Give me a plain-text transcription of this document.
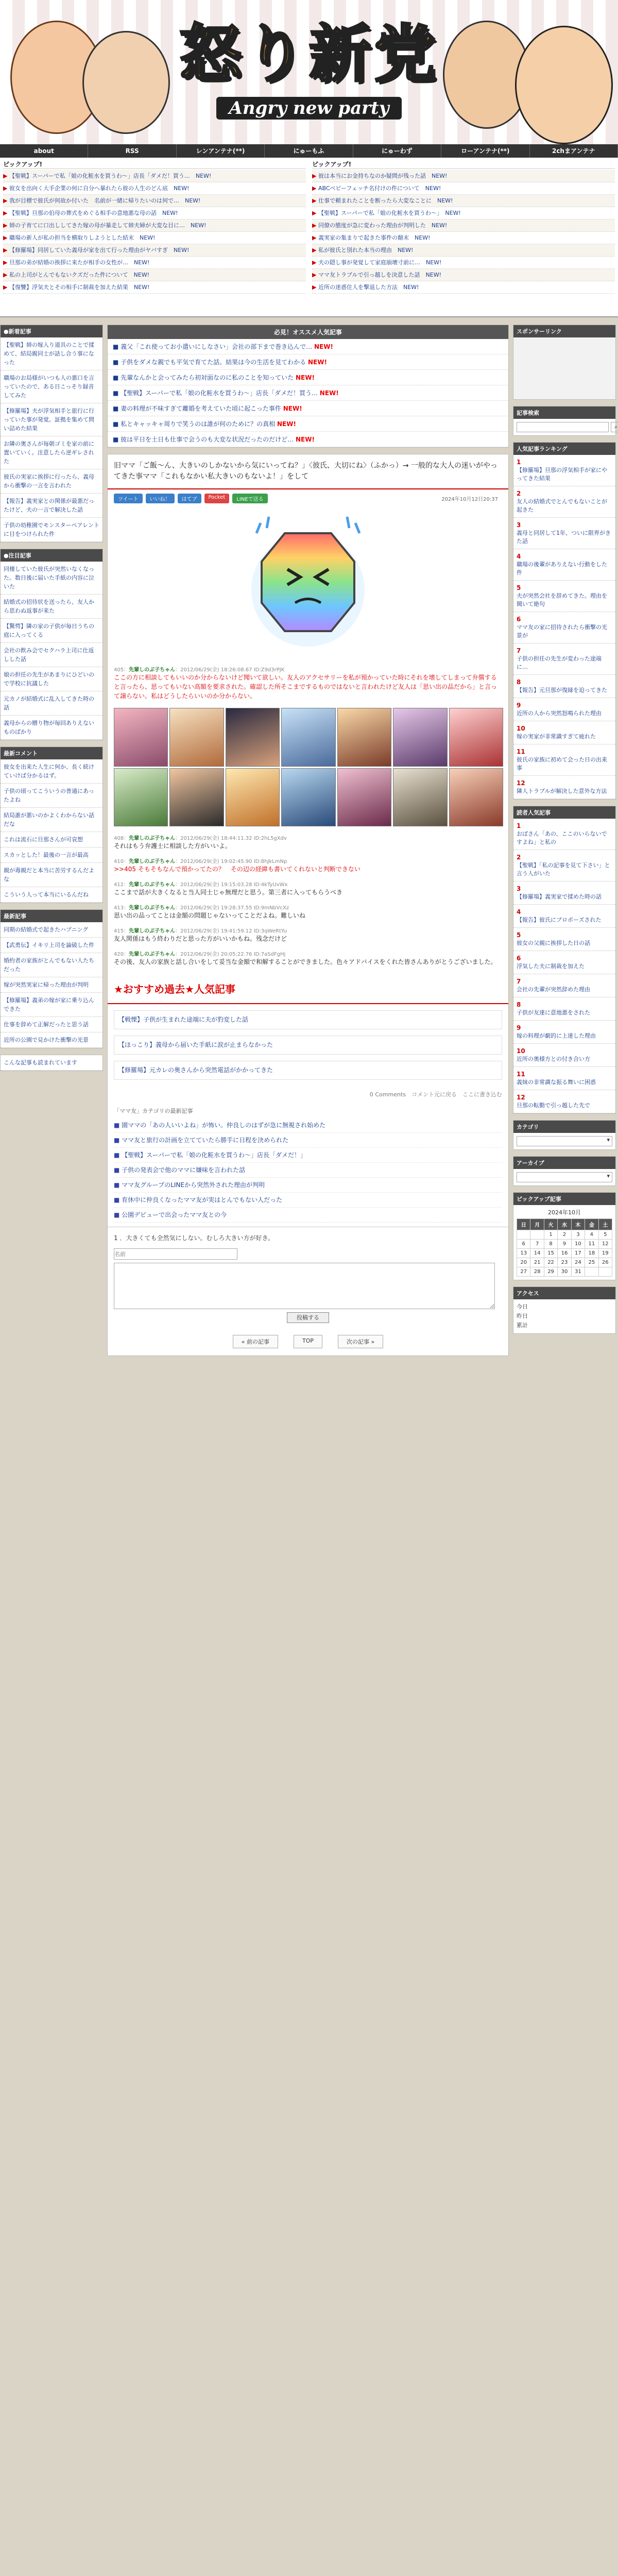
怒り新党
Angry new party
about	RSS	レンアンテナ(**)	にゅーもふ	にゅーわず	ローアンテナ(**)	2chまアンテナ
ピックアップ!
▶ 【聖戦】スーパーで私「娘の化粧水を買うわ〜」店長「ダメだ！買う…　NEW!
▶ 彼女を出向く大手企業の何に自分へ暴れたら彼の人生のどん底　NEW!
▶ 我が目標で彼氏が何故か付いた　名前が一緒に帰りたいのは何で…　NEW!
▶ 【聖戦】旦那の伯母の葬式をめぐる相手の意地悪な母の話　NEW!
▶ 姉の子育てに口出ししてきた嫁の母が暴走して姉夫婦が大変な目に…　NEW!
▶ 職場の新人が私の担当を横取りしようとした結末　NEW!
▶ 【修羅場】同居していた義母が家を出て行った理由がヤバすぎ　NEW!
▶ 旦那の弟が結婚の挨拶に来たが相手の女性が…　NEW!
▶ 私の上司がとんでもないクズだった件について　NEW!
▶ 【復讐】浮気夫とその相手に制裁を加えた結果　NEW!
ピックアップ!
▶ 彼は本当にお金持ちなのか疑問が残った話　NEW!
▶ ABCベビーフェッチ名付けの件について　NEW!
▶ 仕事で頼まれたことを断ったら大変なことに　NEW!
▶ 【聖戦】スーパーで私「娘の化粧水を買うわ〜」　NEW!
▶ 同僚の態度が急に変わった理由が判明した　NEW!
▶ 義実家の集まりで起きた事件の顛末　NEW!
▶ 私が彼氏と別れた本当の理由　NEW!
▶ 夫の隠し事が発覚して家庭崩壊寸前に…　NEW!
▶ ママ友トラブルで引っ越しを決意した話　NEW!
▶ 近所の迷惑住人を撃退した方法　NEW!
●新着記事
【聖戦】姉の嫁入り道具のことで揉めて、結局親同士が話し合う事になった
職場のお局様がいつも人の悪口を言っていたので、ある日こっそり録音してみた
【修羅場】夫が浮気相手と旅行に行っていた事が発覚。証拠を集めて問い詰めた結果
お隣の奥さんが毎朝ゴミを家の前に置いていく。注意したら逆ギレされた
彼氏の実家に挨拶に行ったら、義母から衝撃の一言を言われた
【報告】義実家との関係が最悪だったけど、夫の一言で解決した話
子供の幼稚園でモンスターペアレントに目をつけられた件
●注目記事
同棲していた彼氏が突然いなくなった。数日後に届いた手紙の内容に泣いた
結婚式の招待状を送ったら、友人から思わぬ返事が来た
【驚愕】隣の家の子供が毎日うちの庭に入ってくる
会社の飲み会でセクハラ上司に仕返しした話
娘の担任の先生があまりにひどいので学校に抗議した
元カノが結婚式に乱入してきた時の話
義母からの贈り物が毎回ありえないものばかり
最新コメント
彼女を出来た人生に何か、長く続けていけば分かるはず。
子供の頃ってこういうの普通にあったよね
結局誰が悪いのかよくわからない話だな
これは流石に旦那さんが可哀想
スカッとした！最後の一言が最高
親が毒親だと本当に苦労するんだよな
こういう人って本当にいるんだね
最新記事
同期の結婚式で起きたハプニング
【武勇伝】イキリ上司を論破した件
婚約者の家族がとんでもない人たちだった
嫁が突然実家に帰った理由が判明
【修羅場】義弟の嫁が家に乗り込んできた
仕事を辞めて正解だったと思う話
近所の公園で見かけた衝撃の光景
こんな記事も読まれています
必見！オススメ人気記事
■ 義父「これ使ってお小遣いにしなさい」会社の部下まで巻き込んで… NEW!
■ 子供をダメな親でも平気で育てた話。結果は今の生活を見てわかる NEW!
■ 先輩なんかと会ってみたら初対面なのに私のことを知っていた NEW!
■ 【聖戦】スーパーで私「娘の化粧水を買うわ〜」店長「ダメだ！買う… NEW!
■ 妻の料理が不味すぎて離婚を考えていた頃に起こった事件 NEW!
■ 私とキャッキャ周りで笑うのは誰が何のために？の真相 NEW!
■ 彼は平日を土日も仕事で会うのも大変な状況だったのだけど… NEW!
旧ママ「ご飯～ん、大きいのしかないから気にいってね？」〈彼氏、大切にね〉（ふかっ）→ 一般的な大人の迷いがやってきた事ママ「これもなかい私大きいのもないよ！」をして
ツイート	いいね！	はてブ	Pocket	LINEで送る	2024年10月12日20:37
405：先輩しのぶ子ちゃん：2012/06/29(金) 18:26:08.67 ID:Z9d3rPJK
ここの方に相談してもいいのか分からないけど聞いて欲しい。友人のアクセサリーを私が預かっていた時にそれを壊してしまって弁償すると言ったら、思ってもいない高額を要求された。確認した所そこまでするものではないと言われたけど友人は「思い出の品だから」と言って譲らない。私はどうしたらいいのか分からない。
408：先輩しのぶ子ちゃん：2012/06/29(金) 18:44:11.32 ID:2hL5gXdv
それはもう弁護士に相談した方がいいよ。
410：先輩しのぶ子ちゃん：2012/06/29(金) 19:02:45.90 ID:8hJkLmNp
>>405 そもそもなんで預かってたの？　その辺の経緯も書いてくれないと判断できない
412：先輩しのぶ子ちゃん：2012/06/29(金) 19:15:03.28 ID:4kTyUvWx
ここまで話が大きくなると当人同士じゃ無理だと思う。第三者に入ってもらうべき
413：先輩しのぶ子ちゃん：2012/06/29(金) 19:28:37.55 ID:9mNbVcXz
思い出の品ってことは金額の問題じゃないってことだよね。難しいね
415：先輩しのぶ子ちゃん：2012/06/29(金) 19:41:59.12 ID:3qWeRtYu
友人関係はもう終わりだと思った方がいいかもね。残念だけど
420：先輩しのぶ子ちゃん：2012/06/29(金) 20:05:22.76 ID:7aSdFgHj
その後、友人の家族と話し合いをして妥当な金額で和解することができました。色々アドバイスをくれた皆さんありがとうございました。
★おすすめ過去★人気記事
【戦慄】子供が生まれた途端に夫が豹変した話
【ほっこり】義母から届いた手紙に涙が止まらなかった
【修羅場】元カレの奥さんから突然電話がかかってきた
0 Comments　コメント元に戻る　ここに書き込む
「ママ友」カテゴリの最新記事
■ 園ママの「あの人いいよね」が怖い。仲良しのはずが急に無視され始めた
■ ママ友と旅行の計画を立てていたら勝手に日程を決められた
■ 【聖戦】スーパーで私「娘の化粧水を買うわ〜」店長「ダメだ！」
■ 子供の発表会で他のママに嫌味を言われた話
■ ママ友グループのLINEから突然外された理由が判明
■ 育休中に仲良くなったママ友が実はとんでもない人だった
■ 公園デビューで出会ったママ友との今
1 ．大きくても全然気にしない。むしろ大きい方が好き。
名前
投稿する
« 前の記事	TOP	次の記事 »
スポンサーリンク
記事検索
⌕
人気記事ランキング
1
【修羅場】旦那の浮気相手が家にやってきた結果
2
友人の結婚式でとんでもないことが起きた
3
義母と同居して1年、ついに限界がきた話
4
職場の後輩がありえない行動をした件
5
夫が突然会社を辞めてきた。理由を聞いて絶句
6
ママ友の家に招待されたら衝撃の光景が
7
子供の担任の先生が変わった途端に…
8
【報告】元旦那が復縁を迫ってきた
9
近所の人から突然怒鳴られた理由
10
嫁の実家が非常識すぎて疲れた
11
彼氏の家族に初めて会った日の出来事
12
隣人トラブルが解決した意外な方法
読者人気記事
1
おばさん「あの、ここのいらないですよね」と私の
2
【聖戦】「私の記事を見て下さい」と言う人がいた
3
【修羅場】義実家で揉めた時の話
4
【報告】彼氏にプロポーズされた
5
彼女の父親に挨拶した日の話
6
浮気した夫に制裁を加えた
7
会社の先輩が突然辞めた理由
8
子供が友達に意地悪をされた
9
嫁の料理が劇的に上達した理由
10
近所の奥様方との付き合い方
11
義妹の非常識な振る舞いに困惑
12
旦那の転勤で引っ越した先で
カテゴリ
▾
アーカイブ
▾
ピックアップ記事
2024年10月
日	月	火	水	木	金	土
		1	2	3	4	5
6	7	8	9	10	11	12
13	14	15	16	17	18	19
20	21	22	23	24	25	26
27	28	29	30	31		
アクセス
今日
昨日
累計
